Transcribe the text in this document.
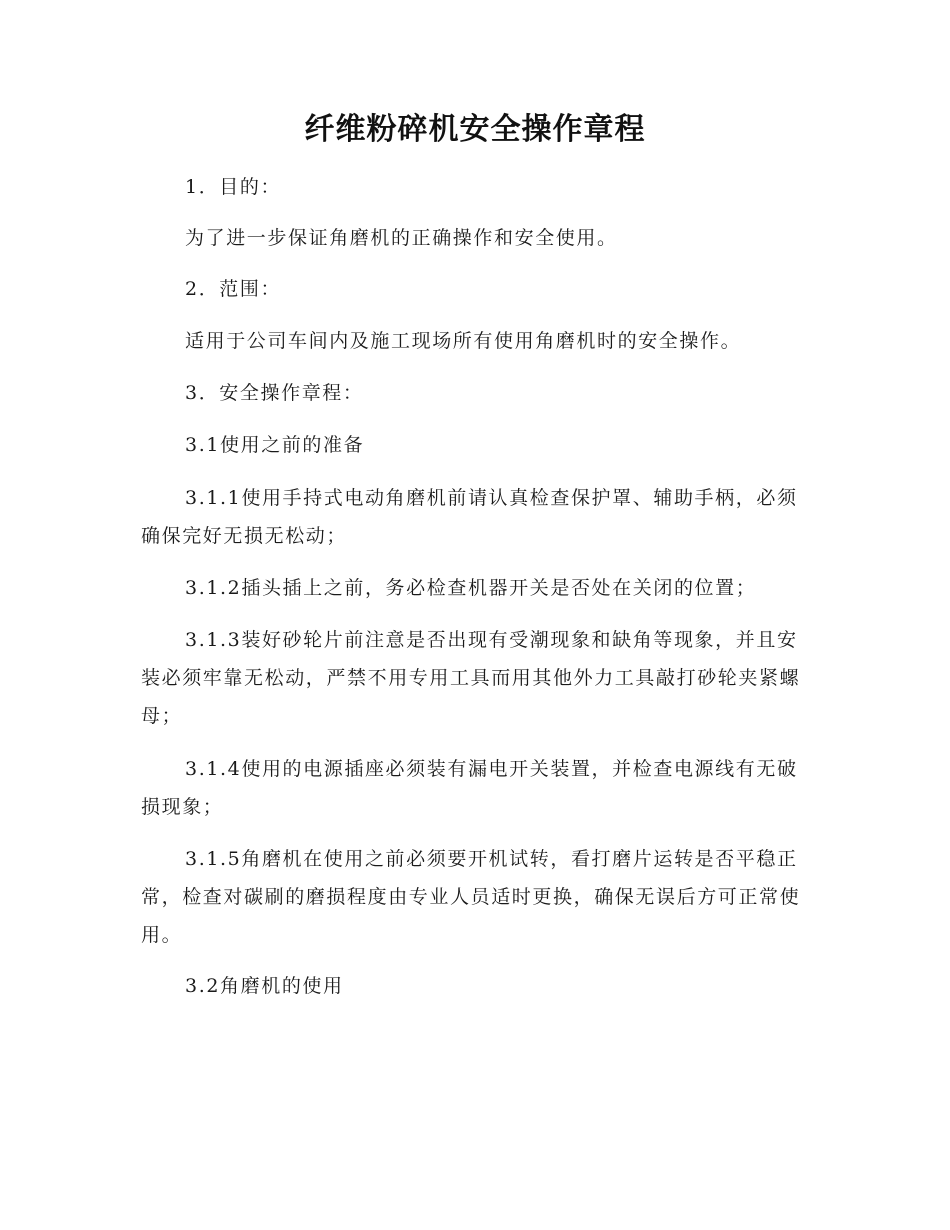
纤维粉碎机安全操作章程

1．目的：

为了进一步保证角磨机的正确操作和安全使用。

2．范围：

适用于公司车间内及施工现场所有使用角磨机时的安全操作。

3．安全操作章程：

3.1使用之前的准备

3.1.1使用手持式电动角磨机前请认真检查保护罩、辅助手柄，必须确保完好无损无松动；

3.1.2插头插上之前，务必检查机器开关是否处在关闭的位置；

3.1.3装好砂轮片前注意是否出现有受潮现象和缺角等现象，并且安装必须牢靠无松动，严禁不用专用工具而用其他外力工具敲打砂轮夹紧螺母；

3.1.4使用的电源插座必须装有漏电开关装置，并检查电源线有无破损现象；

3.1.5角磨机在使用之前必须要开机试转，看打磨片运转是否平稳正常，检查对碳刷的磨损程度由专业人员适时更换，确保无误后方可正常使用。

3.2角磨机的使用
